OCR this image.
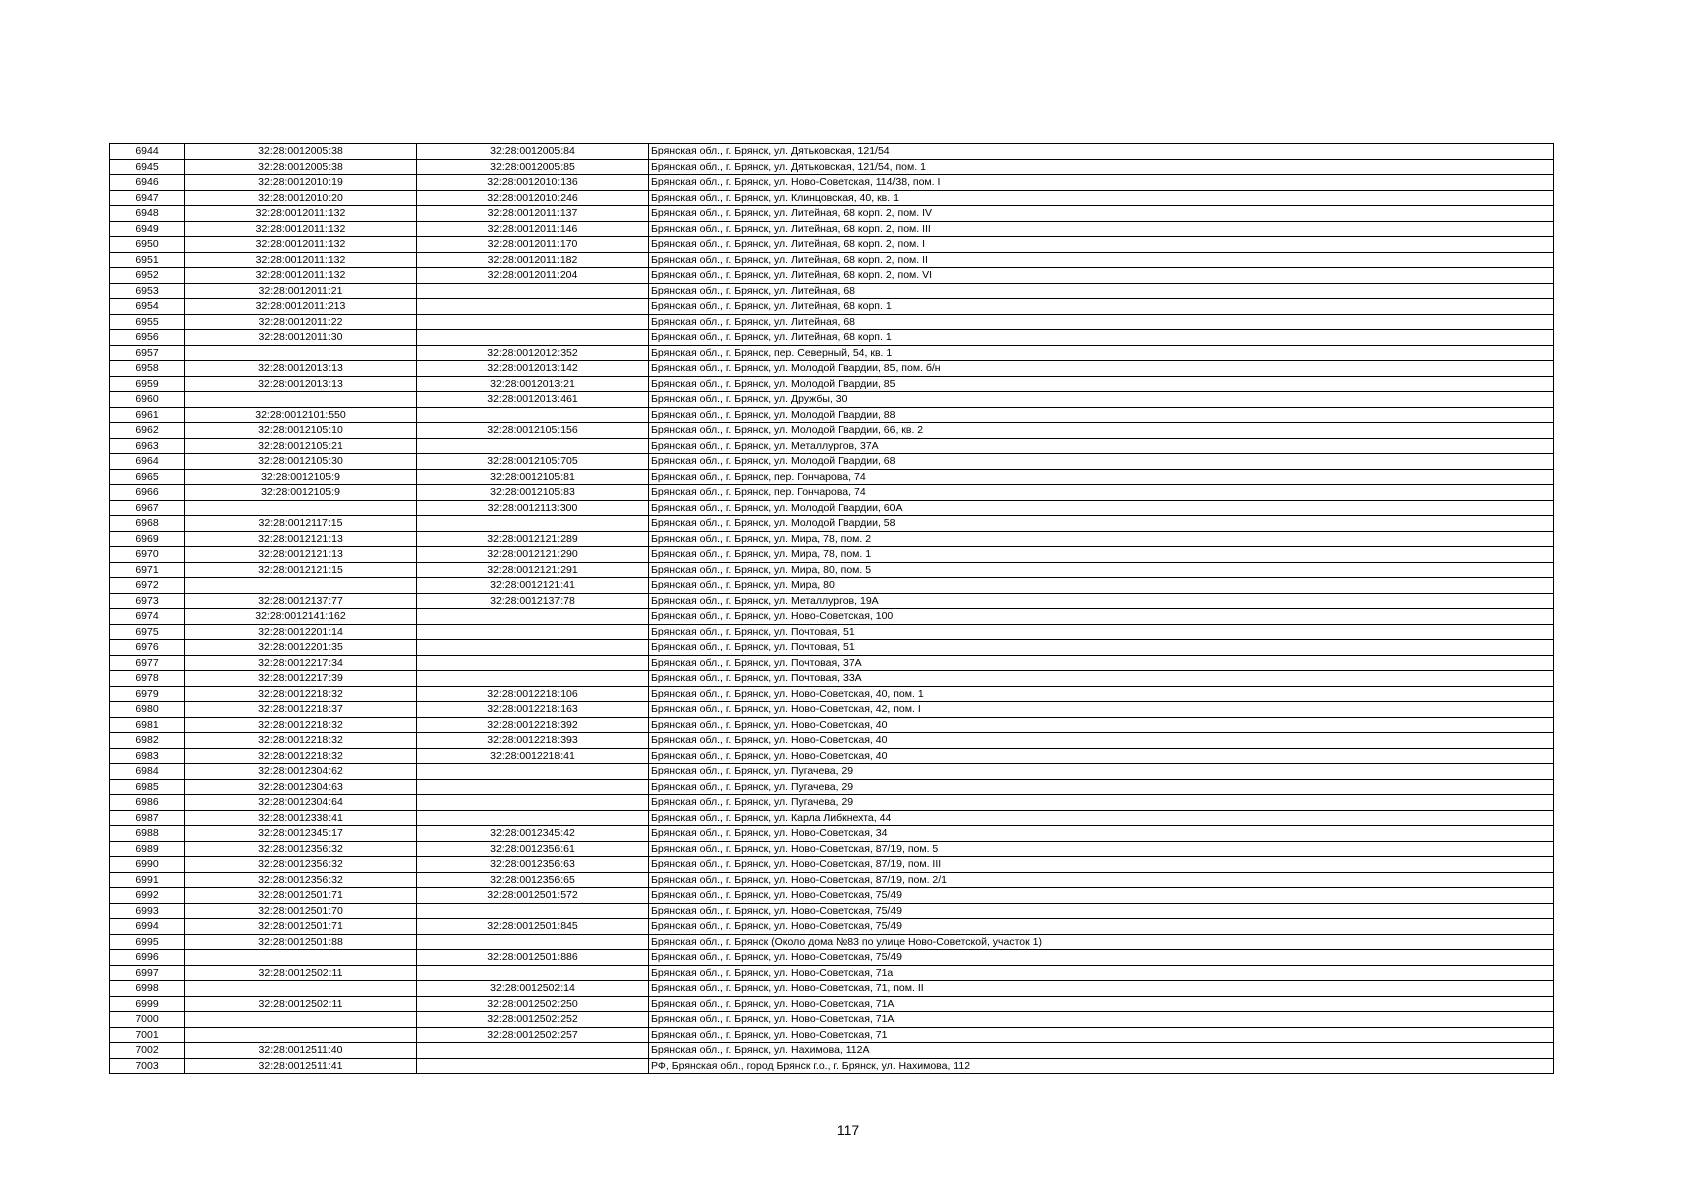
6944	32:28:0012005:38	32:28:0012005:84	Брянская обл., г. Брянск, ул. Дятьковская, 121/54
6945	32:28:0012005:38	32:28:0012005:85	Брянская обл., г. Брянск, ул. Дятьковская, 121/54, пом. 1
6946	32:28:0012010:19	32:28:0012010:136	Брянская обл., г. Брянск, ул. Ново-Советская, 114/38, пом. I
6947	32:28:0012010:20	32:28:0012010:246	Брянская обл., г. Брянск, ул. Клинцовская, 40, кв. 1
6948	32:28:0012011:132	32:28:0012011:137	Брянская обл., г. Брянск, ул. Литейная, 68 корп. 2, пом. IV
6949	32:28:0012011:132	32:28:0012011:146	Брянская обл., г. Брянск, ул. Литейная, 68 корп. 2, пом. III
6950	32:28:0012011:132	32:28:0012011:170	Брянская обл., г. Брянск, ул. Литейная, 68 корп. 2, пом. I
6951	32:28:0012011:132	32:28:0012011:182	Брянская обл., г. Брянск, ул. Литейная, 68 корп. 2, пом. II
6952	32:28:0012011:132	32:28:0012011:204	Брянская обл., г. Брянск, ул. Литейная, 68 корп. 2, пом. VI
6953	32:28:0012011:21		Брянская обл., г. Брянск, ул. Литейная, 68
6954	32:28:0012011:213		Брянская обл., г. Брянск, ул. Литейная, 68 корп. 1
6955	32:28:0012011:22		Брянская обл., г. Брянск, ул. Литейная, 68
6956	32:28:0012011:30		Брянская обл., г. Брянск, ул. Литейная, 68 корп. 1
6957		32:28:0012012:352	Брянская обл., г. Брянск, пер. Северный, 54, кв. 1
6958	32:28:0012013:13	32:28:0012013:142	Брянская обл., г. Брянск, ул. Молодой Гвардии, 85, пом. б/н
6959	32:28:0012013:13	32:28:0012013:21	Брянская обл., г. Брянск, ул. Молодой Гвардии, 85
6960		32:28:0012013:461	Брянская обл., г. Брянск, ул. Дружбы, 30
6961	32:28:0012101:550		Брянская обл., г. Брянск, ул. Молодой Гвардии, 88
6962	32:28:0012105:10	32:28:0012105:156	Брянская обл., г. Брянск, ул. Молодой Гвардии, 66, кв. 2
6963	32:28:0012105:21		Брянская обл., г. Брянск, ул. Металлургов, 37А
6964	32:28:0012105:30	32:28:0012105:705	Брянская обл., г. Брянск, ул. Молодой Гвардии, 68
6965	32:28:0012105:9	32:28:0012105:81	Брянская обл., г. Брянск, пер. Гончарова, 74
6966	32:28:0012105:9	32:28:0012105:83	Брянская обл., г. Брянск, пер. Гончарова, 74
6967		32:28:0012113:300	Брянская обл., г. Брянск, ул. Молодой Гвардии, 60А
6968	32:28:0012117:15		Брянская обл., г. Брянск, ул. Молодой Гвардии, 58
6969	32:28:0012121:13	32:28:0012121:289	Брянская обл., г. Брянск, ул. Мира, 78, пом. 2
6970	32:28:0012121:13	32:28:0012121:290	Брянская обл., г. Брянск, ул. Мира, 78, пом. 1
6971	32:28:0012121:15	32:28:0012121:291	Брянская обл., г. Брянск, ул. Мира, 80, пом. 5
6972		32:28:0012121:41	Брянская обл., г. Брянск, ул. Мира, 80
6973	32:28:0012137:77	32:28:0012137:78	Брянская обл., г. Брянск, ул. Металлургов, 19А
6974	32:28:0012141:162		Брянская обл., г. Брянск, ул. Ново-Советская, 100
6975	32:28:0012201:14		Брянская обл., г. Брянск, ул. Почтовая, 51
6976	32:28:0012201:35		Брянская обл., г. Брянск, ул. Почтовая, 51
6977	32:28:0012217:34		Брянская обл., г. Брянск, ул. Почтовая, 37А
6978	32:28:0012217:39		Брянская обл., г. Брянск, ул. Почтовая, 33А
6979	32:28:0012218:32	32:28:0012218:106	Брянская обл., г. Брянск, ул. Ново-Советская, 40, пом. 1
6980	32:28:0012218:37	32:28:0012218:163	Брянская обл., г. Брянск, ул. Ново-Советская, 42, пом. I
6981	32:28:0012218:32	32:28:0012218:392	Брянская обл., г. Брянск, ул. Ново-Советская, 40
6982	32:28:0012218:32	32:28:0012218:393	Брянская обл., г. Брянск, ул. Ново-Советская, 40
6983	32:28:0012218:32	32:28:0012218:41	Брянская обл., г. Брянск, ул. Ново-Советская, 40
6984	32:28:0012304:62		Брянская обл., г. Брянск, ул. Пугачева, 29
6985	32:28:0012304:63		Брянская обл., г. Брянск, ул. Пугачева, 29
6986	32:28:0012304:64		Брянская обл., г. Брянск, ул. Пугачева, 29
6987	32:28:0012338:41		Брянская обл., г. Брянск, ул. Карла Либкнехта, 44
6988	32:28:0012345:17	32:28:0012345:42	Брянская обл., г. Брянск, ул. Ново-Советская, 34
6989	32:28:0012356:32	32:28:0012356:61	Брянская обл., г. Брянск, ул. Ново-Советская, 87/19, пом. 5
6990	32:28:0012356:32	32:28:0012356:63	Брянская обл., г. Брянск, ул. Ново-Советская, 87/19, пом. III
6991	32:28:0012356:32	32:28:0012356:65	Брянская обл., г. Брянск, ул. Ново-Советская, 87/19, пом. 2/1
6992	32:28:0012501:71	32:28:0012501:572	Брянская обл., г. Брянск, ул. Ново-Советская, 75/49
6993	32:28:0012501:70		Брянская обл., г. Брянск, ул. Ново-Советская, 75/49
6994	32:28:0012501:71	32:28:0012501:845	Брянская обл., г. Брянск, ул. Ново-Советская, 75/49
6995	32:28:0012501:88		Брянская обл., г. Брянск (Около дома №83 по улице Ново-Советской, участок 1)
6996		32:28:0012501:886	Брянская обл., г. Брянск, ул. Ново-Советская, 75/49
6997	32:28:0012502:11		Брянская обл., г. Брянск, ул. Ново-Советская, 71а
6998		32:28:0012502:14	Брянская обл., г. Брянск, ул. Ново-Советская, 71, пом. II
6999	32:28:0012502:11	32:28:0012502:250	Брянская обл., г. Брянск, ул. Ново-Советская, 71А
7000		32:28:0012502:252	Брянская обл., г. Брянск, ул. Ново-Советская, 71А
7001		32:28:0012502:257	Брянская обл., г. Брянск, ул. Ново-Советская, 71
7002	32:28:0012511:40		Брянская обл., г. Брянск, ул. Нахимова, 112А
7003	32:28:0012511:41		РФ, Брянская обл., город Брянск г.о., г. Брянск, ул. Нахимова, 112
117
